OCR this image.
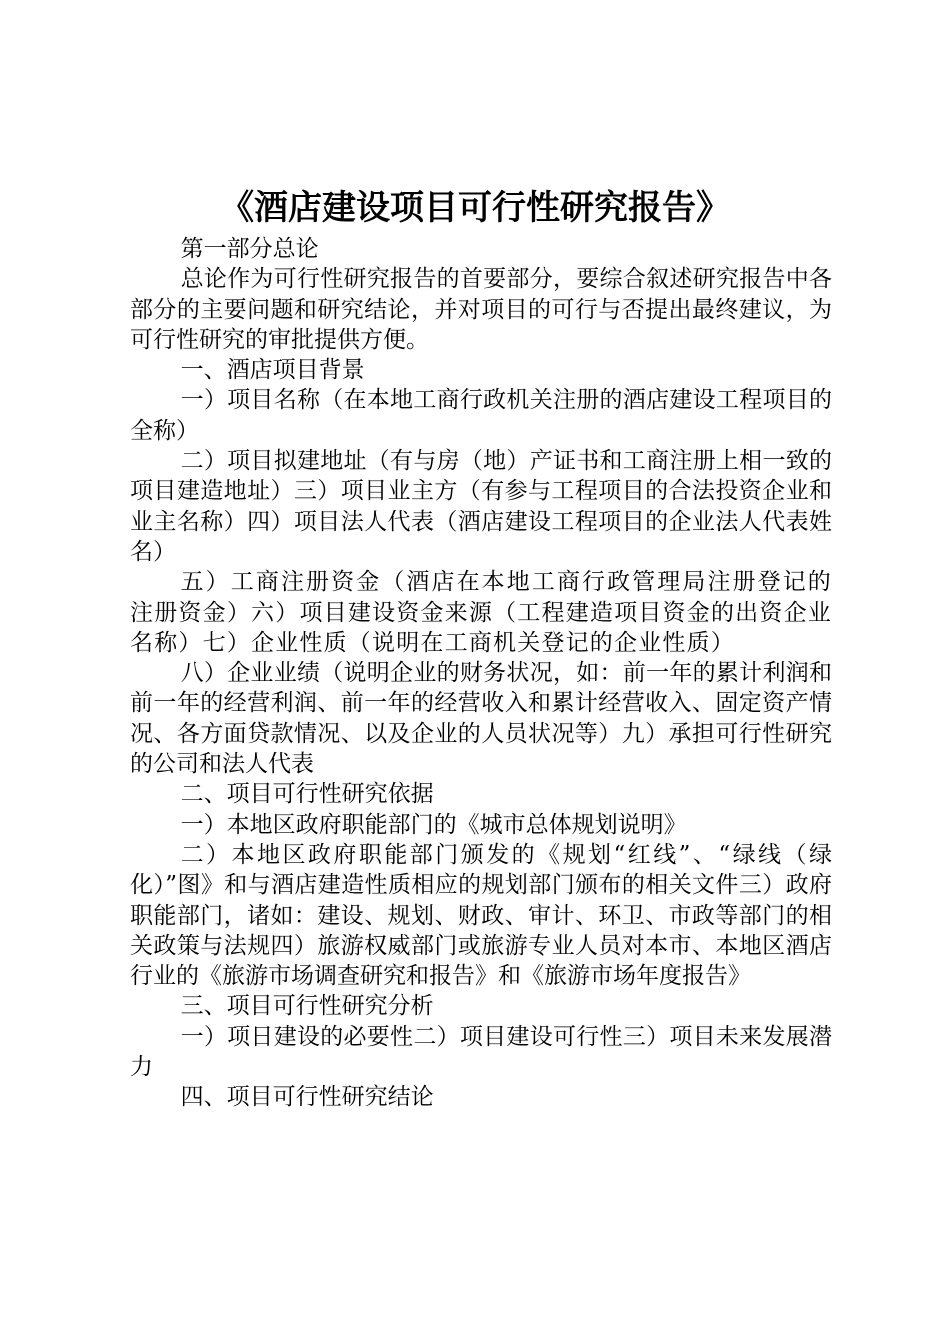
《酒店建设项目可行性研究报告》

第一部分总论

总论作为可行性研究报告的首要部分，要综合叙述研究报告中各部分的主要问题和研究结论，并对项目的可行与否提出最终建议，为可行性研究的审批提供方便。

一、酒店项目背景

一）项目名称（在本地工商行政机关注册的酒店建设工程项目的全称）

二）项目拟建地址（有与房（地）产证书和工商注册上相一致的项目建造地址）三）项目业主方（有参与工程项目的合法投资企业和业主名称）四）项目法人代表（酒店建设工程项目的企业法人代表姓名）

五）工商注册资金（酒店在本地工商行政管理局注册登记的注册资金）六）项目建设资金来源（工程建造项目资金的出资企业名称）七）企业性质（说明在工商机关登记的企业性质）

八）企业业绩（说明企业的财务状况，如：前一年的累计利润和前一年的经营利润、前一年的经营收入和累计经营收入、固定资产情况、各方面贷款情况、以及企业的人员状况等）九）承担可行性研究的公司和法人代表

二、项目可行性研究依据

一）本地区政府职能部门的《城市总体规划说明》

二）本地区政府职能部门颁发的《规划“红线”、“绿线（绿化）”图》和与酒店建造性质相应的规划部门颁布的相关文件三）政府职能部门，诸如：建设、规划、财政、审计、环卫、市政等部门的相关政策与法规四）旅游权威部门或旅游专业人员对本市、本地区酒店行业的《旅游市场调查研究和报告》和《旅游市场年度报告》

三、项目可行性研究分析

一）项日建设的必要性二）项目建设可行性三）项目未来发展潜力

四、项目可行性研究结论
